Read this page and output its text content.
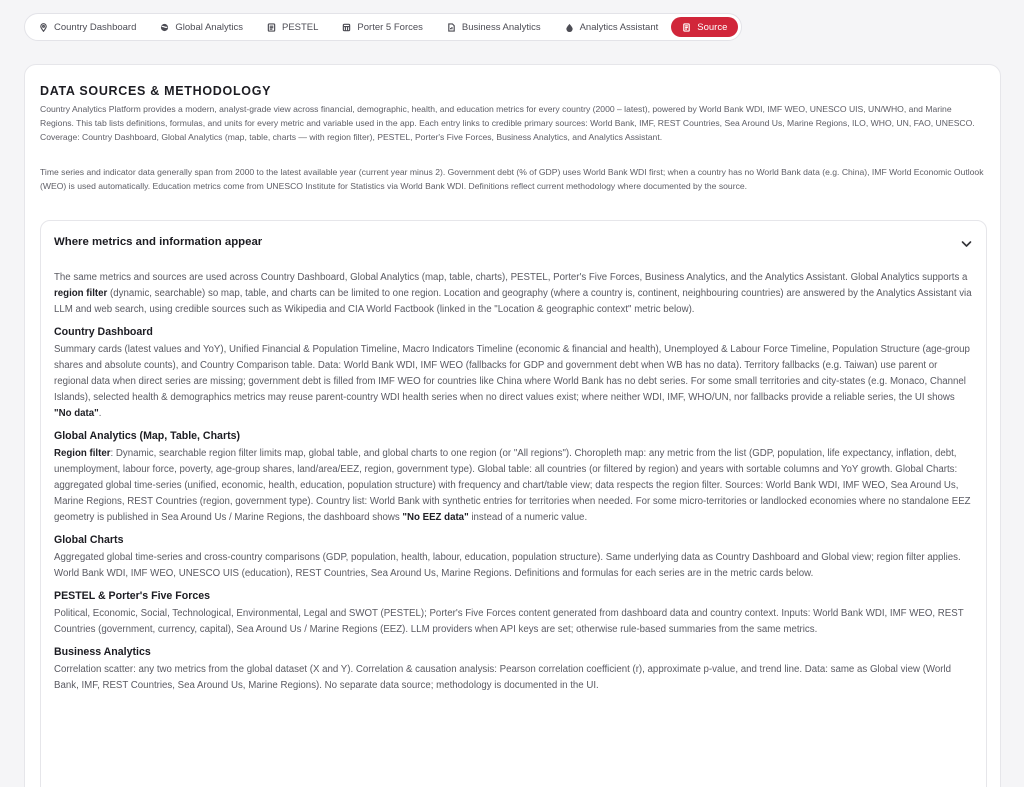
Country Dashboard	Global Analytics	PESTEL	Porter 5 Forces	Business Analytics	Analytics Assistant	Source
DATA SOURCES & METHODOLOGY

Country Analytics Platform provides a modern, analyst-grade view across financial, demographic, health, and education metrics for every country (2000 – latest), powered by World Bank WDI, IMF WEO, UNESCO UIS, UN/WHO, and Marine Regions. This tab lists definitions, formulas, and units for every metric and variable used in the app. Each entry links to credible primary sources: World Bank, IMF, REST Countries, Sea Around Us, Marine Regions, ILO, WHO, UN, FAO, UNESCO. Coverage: Country Dashboard, Global Analytics (map, table, charts — with region filter), PESTEL, Porter's Five Forces, Business Analytics, and Analytics Assistant.

Time series and indicator data generally span from 2000 to the latest available year (current year minus 2). Government debt (% of GDP) uses World Bank WDI first; when a country has no World Bank data (e.g. China), IMF World Economic Outlook (WEO) is used automatically. Education metrics come from UNESCO Institute for Statistics via World Bank WDI. Definitions reflect current methodology where documented by the source.

Where metrics and information appear

The same metrics and sources are used across Country Dashboard, Global Analytics (map, table, charts), PESTEL, Porter's Five Forces, Business Analytics, and the Analytics Assistant. Global Analytics supports a region filter (dynamic, searchable) so map, table, and charts can be limited to one region. Location and geography (where a country is, continent, neighbouring countries) are answered by the Analytics Assistant via LLM and web search, using credible sources such as Wikipedia and CIA World Factbook (linked in the "Location & geographic context" metric below).

Country Dashboard

Summary cards (latest values and YoY), Unified Financial & Population Timeline, Macro Indicators Timeline (economic & financial and health), Unemployed & Labour Force Timeline, Population Structure (age-group shares and absolute counts), and Country Comparison table. Data: World Bank WDI, IMF WEO (fallbacks for GDP and government debt when WB has no data). Territory fallbacks (e.g. Taiwan) use parent or regional data when direct series are missing; government debt is filled from IMF WEO for countries like China where World Bank has no debt series. For some small territories and city-states (e.g. Monaco, Channel Islands), selected health & demographics metrics may reuse parent-country WDI health series when no direct values exist; where neither WDI, IMF, WHO/UN, nor fallbacks provide a reliable series, the UI shows "No data".

Global Analytics (Map, Table, Charts)

Region filter: Dynamic, searchable region filter limits map, global table, and global charts to one region (or "All regions"). Choropleth map: any metric from the list (GDP, population, life expectancy, inflation, debt, unemployment, labour force, poverty, age-group shares, land/area/EEZ, region, government type). Global table: all countries (or filtered by region) and years with sortable columns and YoY growth. Global Charts: aggregated global time-series (unified, economic, health, education, population structure) with frequency and chart/table view; data respects the region filter. Sources: World Bank WDI, IMF WEO, Sea Around Us, Marine Regions, REST Countries (region, government type). Country list: World Bank with synthetic entries for territories when needed. For some micro-territories or landlocked economies where no standalone EEZ geometry is published in Sea Around Us / Marine Regions, the dashboard shows "No EEZ data" instead of a numeric value.

Global Charts

Aggregated global time-series and cross-country comparisons (GDP, population, health, labour, education, population structure). Same underlying data as Country Dashboard and Global view; region filter applies. World Bank WDI, IMF WEO, UNESCO UIS (education), REST Countries, Sea Around Us, Marine Regions. Definitions and formulas for each series are in the metric cards below.

PESTEL & Porter's Five Forces

Political, Economic, Social, Technological, Environmental, Legal and SWOT (PESTEL); Porter's Five Forces content generated from dashboard data and country context. Inputs: World Bank WDI, IMF WEO, REST Countries (government, currency, capital), Sea Around Us / Marine Regions (EEZ). LLM providers when API keys are set; otherwise rule-based summaries from the same metrics.

Business Analytics

Correlation scatter: any two metrics from the global dataset (X and Y). Correlation & causation analysis: Pearson correlation coefficient (r), approximate p-value, and trend line. Data: same as Global view (World Bank, IMF, REST Countries, Sea Around Us, Marine Regions). No separate data source; methodology is documented in the UI.
